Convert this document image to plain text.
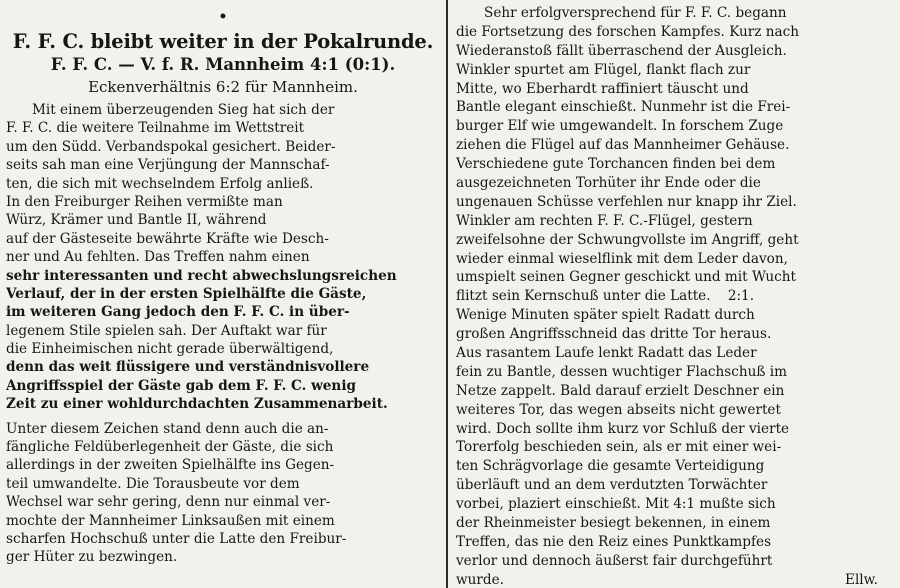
•
F. F. C. bleibt weiter in der Pokalrunde.
F. F. C. — V. f. R. Mannheim 4:1 (0:1).
Eckenverhältnis 6:2 für Mannheim.
Mit einem überzeugenden Sieg hat sich der
F. F. C. die weitere Teilnahme im Wettstreit
um den Südd. Verbandspokal gesichert. Beider-
seits sah man eine Verjüngung der Mannschaf-
ten, die sich mit wechselndem Erfolg anließ.
In den Freiburger Reihen vermißte man
Würz, Krämer und Bantle II, während
auf der Gästeseite bewährte Kräfte wie Desch-
ner und Au fehlten. Das Treffen nahm einen
sehr interessanten und recht abwechslungsreichen
Verlauf, der in der ersten Spielhälfte die Gäste,
im weiteren Gang jedoch den F. F. C. in über-
legenem Stile spielen sah. Der Auftakt war für
die Einheimischen nicht gerade überwältigend,
denn das weit flüssigere und verständnisvollere
Angriffsspiel der Gäste gab dem F. F. C. wenig
Zeit zu einer wohldurchdachten Zusammenarbeit.
Unter diesem Zeichen stand denn auch die an-
fängliche Feldüberlegenheit der Gäste, die sich
allerdings in der zweiten Spielhälfte ins Gegen-
teil umwandelte. Die Torausbeute vor dem
Wechsel war sehr gering, denn nur einmal ver-
mochte der Mannheimer Linksaußen mit einem
scharfen Hochschuß unter die Latte den Freibur-
ger Hüter zu bezwingen.
Sehr erfolgversprechend für F. F. C. begann
die Fortsetzung des forschen Kampfes. Kurz nach
Wiederanstoß fällt überraschend der Ausgleich.
Winkler spurtet am Flügel, flankt flach zur
Mitte, wo Eberhardt raffiniert täuscht und
Bantle elegant einschießt. Nunmehr ist die Frei-
burger Elf wie umgewandelt. In forschem Zuge
ziehen die Flügel auf das Mannheimer Gehäuse.
Verschiedene gute Torchancen finden bei dem
ausgezeichneten Torhüter ihr Ende oder die
ungenauen Schüsse verfehlen nur knapp ihr Ziel.
Winkler am rechten F. F. C.-Flügel, gestern
zweifelsohne der Schwungvollste im Angriff, geht
wieder einmal wieselflink mit dem Leder davon,
umspielt seinen Gegner geschickt und mit Wucht
flitzt sein Kernschuß unter die Latte.    2:1.
Wenige Minuten später spielt Radatt durch
großen Angriffsschneid das dritte Tor heraus.
Aus rasantem Laufe lenkt Radatt das Leder
fein zu Bantle, dessen wuchtiger Flachschuß im
Netze zappelt. Bald darauf erzielt Deschner ein
weiteres Tor, das wegen abseits nicht gewertet
wird. Doch sollte ihm kurz vor Schluß der vierte
Torerfolg beschieden sein, als er mit einer wei-
ten Schrägvorlage die gesamte Verteidigung
überläuft und an dem verdutzten Torwächter
vorbei, plaziert einschießt. Mit 4:1 mußte sich
der Rheinmeister besiegt bekennen, in einem
Treffen, das nie den Reiz eines Punktkampfes
verlor und dennoch äußerst fair durchgeführt
wurde.	Ellw.
